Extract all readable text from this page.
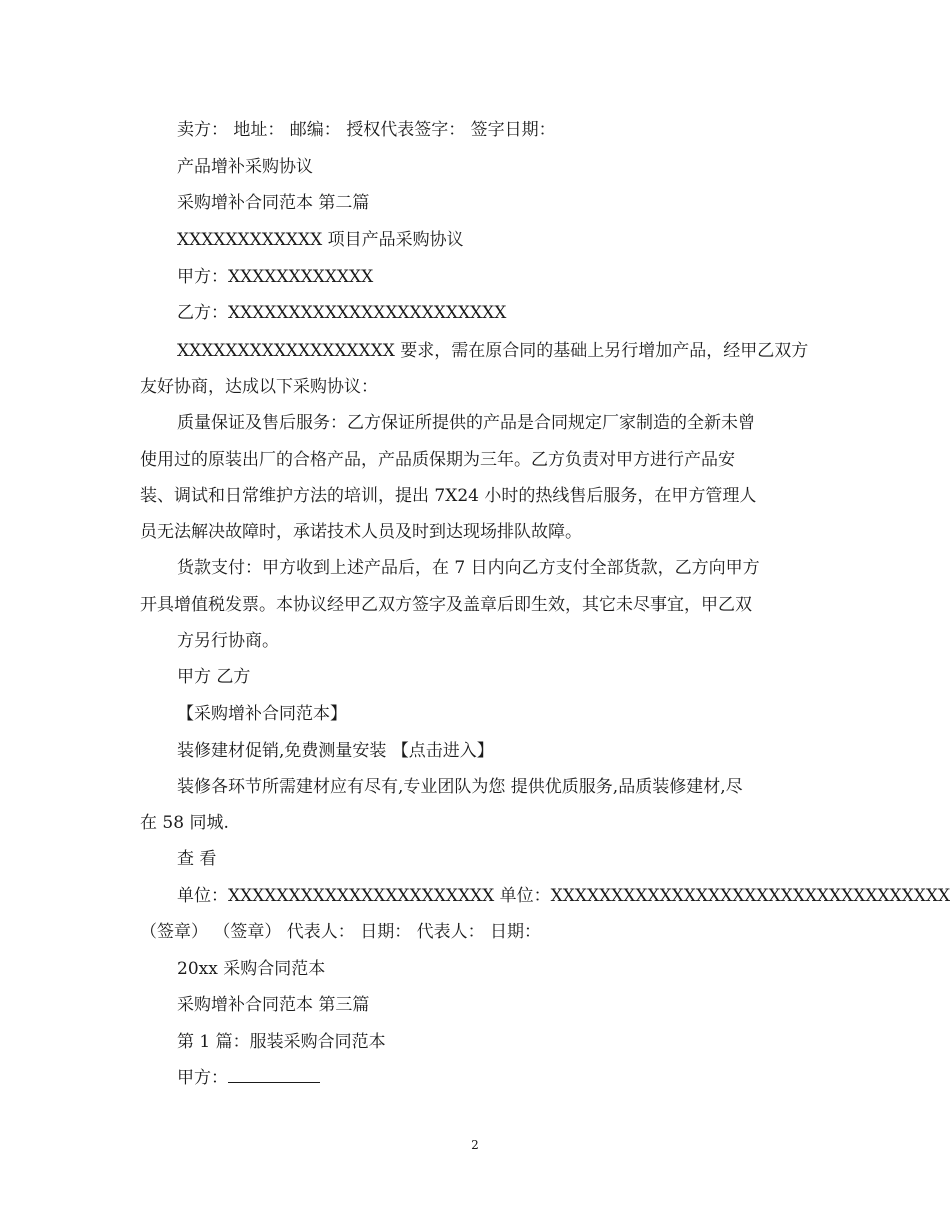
卖方： 地址： 邮编： 授权代表签字： 签字日期：
产品增补采购协议
采购增补合同范本 第二篇
XXXXXXXXXXXX 项目产品采购协议
甲方：XXXXXXXXXXXX
乙方：XXXXXXXXXXXXXXXXXXXXXXX
XXXXXXXXXXXXXXXXXX 要求，需在原合同的基础上另行增加产品，经甲乙双方
友好协商，达成以下采购协议：
质量保证及售后服务：乙方保证所提供的产品是合同规定厂家制造的全新未曾
使用过的原装出厂的合格产品，产品质保期为三年。乙方负责对甲方进行产品安
装、调试和日常维护方法的培训，提出 7X24 小时的热线售后服务，在甲方管理人
员无法解决故障时，承诺技术人员及时到达现场排队故障。
货款支付：甲方收到上述产品后，在 7 日内向乙方支付全部货款，乙方向甲方
开具增值税发票。本协议经甲乙双方签字及盖章后即生效，其它未尽事宜，甲乙双
方另行协商。
甲方 乙方
【采购增补合同范本】
装修建材促销,免费测量安装 【点击进入】
装修各环节所需建材应有尽有,专业团队为您 提供优质服务,品质装修建材,尽
在 58 同城.
查 看
单位：XXXXXXXXXXXXXXXXXXXXXX 单位：XXXXXXXXXXXXXXXXXXXXXXXXXXXXXXXXX
（签章） （签章） 代表人： 日期： 代表人： 日期：
20xx 采购合同范本
采购增补合同范本 第三篇
第 1 篇：服装采购合同范本
甲方：
2
